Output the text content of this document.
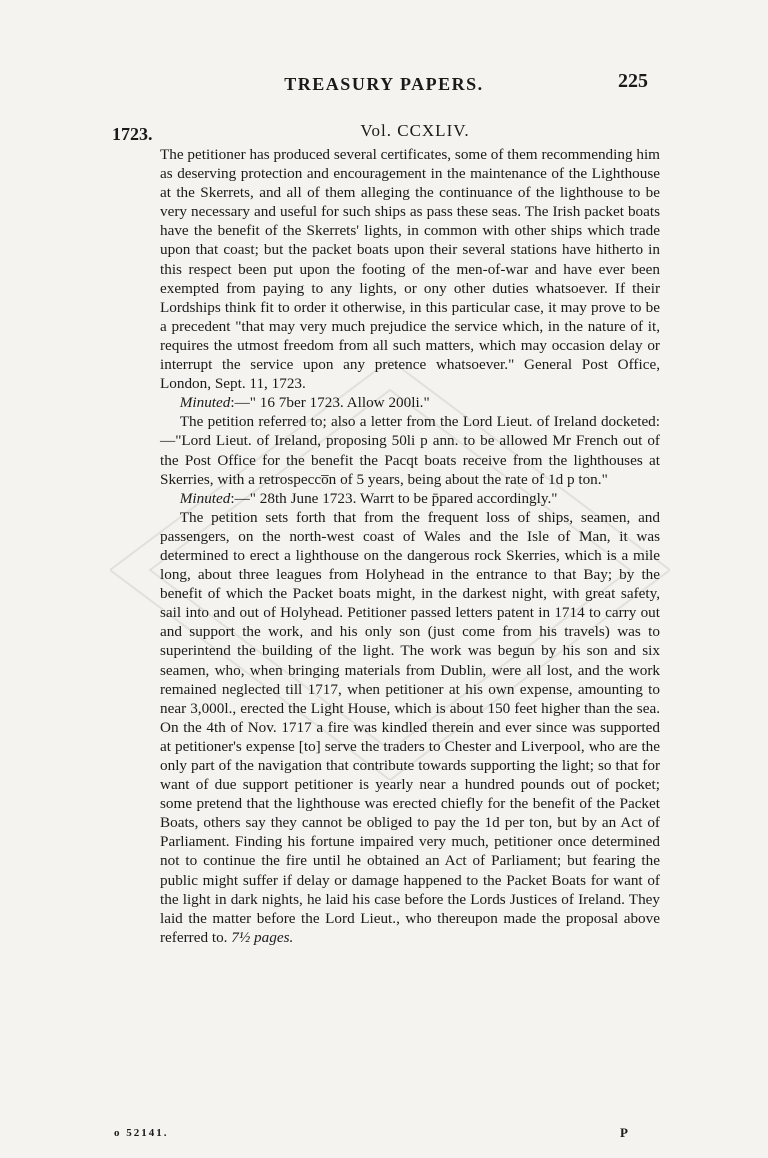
TREASURY PAPERS.	225
1723.	Vol. CCXLIV.

The petitioner has produced several certificates, some of them recommending him as deserving protection and encouragement in the maintenance of the Lighthouse at the Skerrets, and all of them alleging the continuance of the lighthouse to be very necessary and useful for such ships as pass these seas. The Irish packet boats have the benefit of the Skerrets' lights, in common with other ships which trade upon that coast; but the packet boats upon their several stations have hitherto in this respect been put upon the footing of the men-of-war and have ever been exempted from paying to any lights, or ony other duties whatsoever. If their Lordships think fit to order it otherwise, in this particular case, it may prove to be a precedent "that may very much prejudice the service which, in the nature of it, requires the utmost freedom from all such matters, which may occasion delay or interrupt the service upon any pretence whatsoever." General Post Office, London, Sept. 11, 1723.

Minuted:—" 16 7ber 1723. Allow 200li."

The petition referred to; also a letter from the Lord Lieut. of Ireland docketed:—"Lord Lieut. of Ireland, proposing 50li p ann. to be allowed Mr French out of the Post Office for the benefit the Pacqt boats receive from the lighthouses at Skerries, with a retrospecco̅n of 5 years, being about the rate of 1d p ton."

Minuted:—" 28th June 1723. Warrt to be p̄pared accordingly."

The petition sets forth that from the frequent loss of ships, seamen, and passengers, on the north-west coast of Wales and the Isle of Man, it was determined to erect a lighthouse on the dangerous rock Skerries, which is a mile long, about three leagues from Holyhead in the entrance to that Bay; by the benefit of which the Packet boats might, in the darkest night, with great safety, sail into and out of Holyhead. Petitioner passed letters patent in 1714 to carry out and support the work, and his only son (just come from his travels) was to superintend the building of the light. The work was begun by his son and six seamen, who, when bringing materials from Dublin, were all lost, and the work remained neglected till 1717, when petitioner at his own expense, amounting to near 3,000l., erected the Light House, which is about 150 feet higher than the sea. On the 4th of Nov. 1717 a fire was kindled therein and ever since was supported at petitioner's expense [to] serve the traders to Chester and Liverpool, who are the only part of the navigation that contribute towards supporting the light; so that for want of due support petitioner is yearly near a hundred pounds out of pocket; some pretend that the lighthouse was erected chiefly for the benefit of the Packet Boats, others say they cannot be obliged to pay the 1d per ton, but by an Act of Parliament. Finding his fortune impaired very much, petitioner once determined not to continue the fire until he obtained an Act of Parliament; but fearing the public might suffer if delay or damage happened to the Packet Boats for want of the light in dark nights, he laid his case before the Lords Justices of Ireland. They laid the matter before the Lord Lieut., who thereupon made the proposal above referred to. 7½ pages.

o 52141.	P
